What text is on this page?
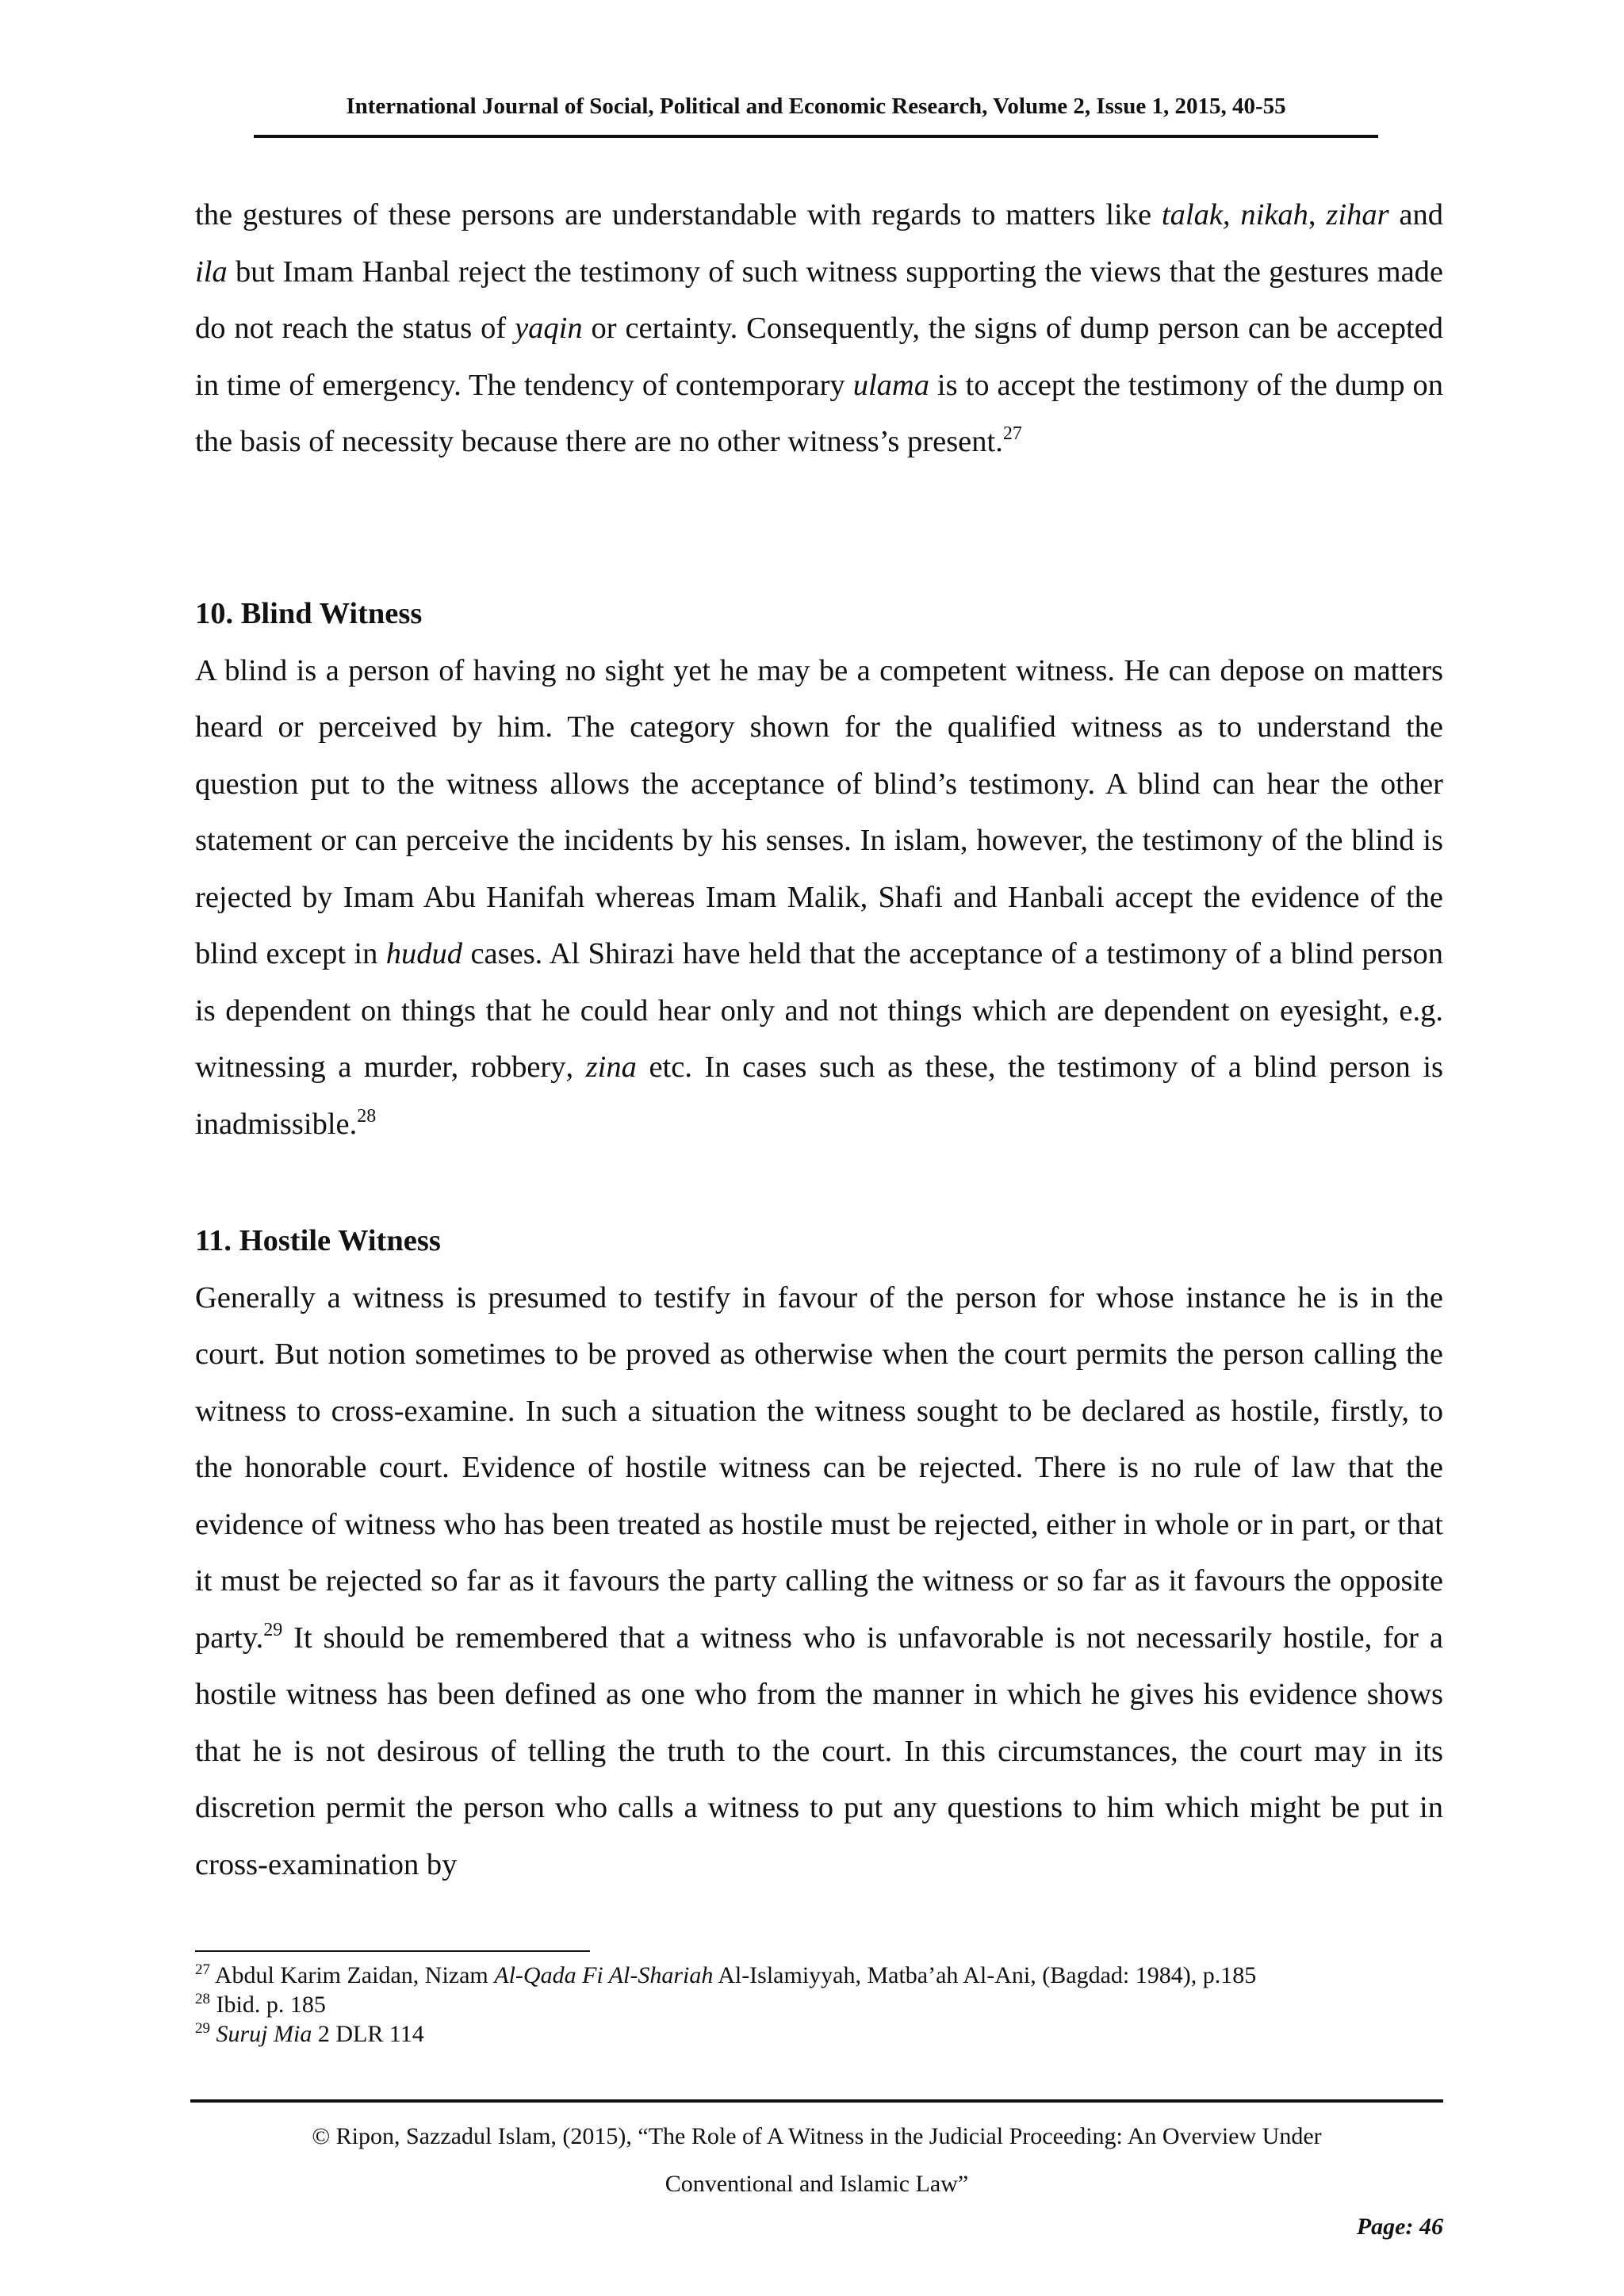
International Journal of Social, Political and Economic Research, Volume 2, Issue 1, 2015, 40-55

the gestures of these persons are understandable with regards to matters like talak, nikah, zihar and ila but Imam Hanbal reject the testimony of such witness supporting the views that the gestures made do not reach the status of yaqin or certainty. Consequently, the signs of dump person can be accepted in time of emergency. The tendency of contemporary ulama is to accept the testimony of the dump on the basis of necessity because there are no other witness’s present.$^{27}$

10. Blind Witness

A blind is a person of having no sight yet he may be a competent witness. He can depose on matters heard or perceived by him. The category shown for the qualified witness as to understand the question put to the witness allows the acceptance of blind’s testimony. A blind can hear the other statement or can perceive the incidents by his senses. In islam, however, the testimony of the blind is rejected by Imam Abu Hanifah whereas Imam Malik, Shafi and Hanbali accept the evidence of the blind except in hudud cases. Al Shirazi have held that the acceptance of a testimony of a blind person is dependent on things that he could hear only and not things which are dependent on eyesight, e.g. witnessing a murder, robbery, zina etc. In cases such as these, the testimony of a blind person is inadmissible.$^{28}$

11. Hostile Witness

Generally a witness is presumed to testify in favour of the person for whose instance he is in the court. But notion sometimes to be proved as otherwise when the court permits the person calling the witness to cross-examine. In such a situation the witness sought to be declared as hostile, firstly, to the honorable court. Evidence of hostile witness can be rejected. There is no rule of law that the evidence of witness who has been treated as hostile must be rejected, either in whole or in part, or that it must be rejected so far as it favours the party calling the witness or so far as it favours the opposite party.$^{29}$ It should be remembered that a witness who is unfavorable is not necessarily hostile, for a hostile witness has been defined as one who from the manner in which he gives his evidence shows that he is not desirous of telling the truth to the court. In this circumstances, the court may in its discretion permit the person who calls a witness to put any questions to him which might be put in cross-examination by

$^{27}$ Abdul Karim Zaidan, Nizam Al-Qada Fi Al-Shariah Al-Islamiyyah, Matba’ah Al-Ani, (Bagdad: 1984), p.185
$^{28}$ Ibid. p. 185
$^{29}$ Suruj Mia 2 DLR 114
© Ripon, Sazzadul Islam, (2015), “The Role of A Witness in the Judicial Proceeding: An Overview Under
Conventional and Islamic Law”
Page: 46
